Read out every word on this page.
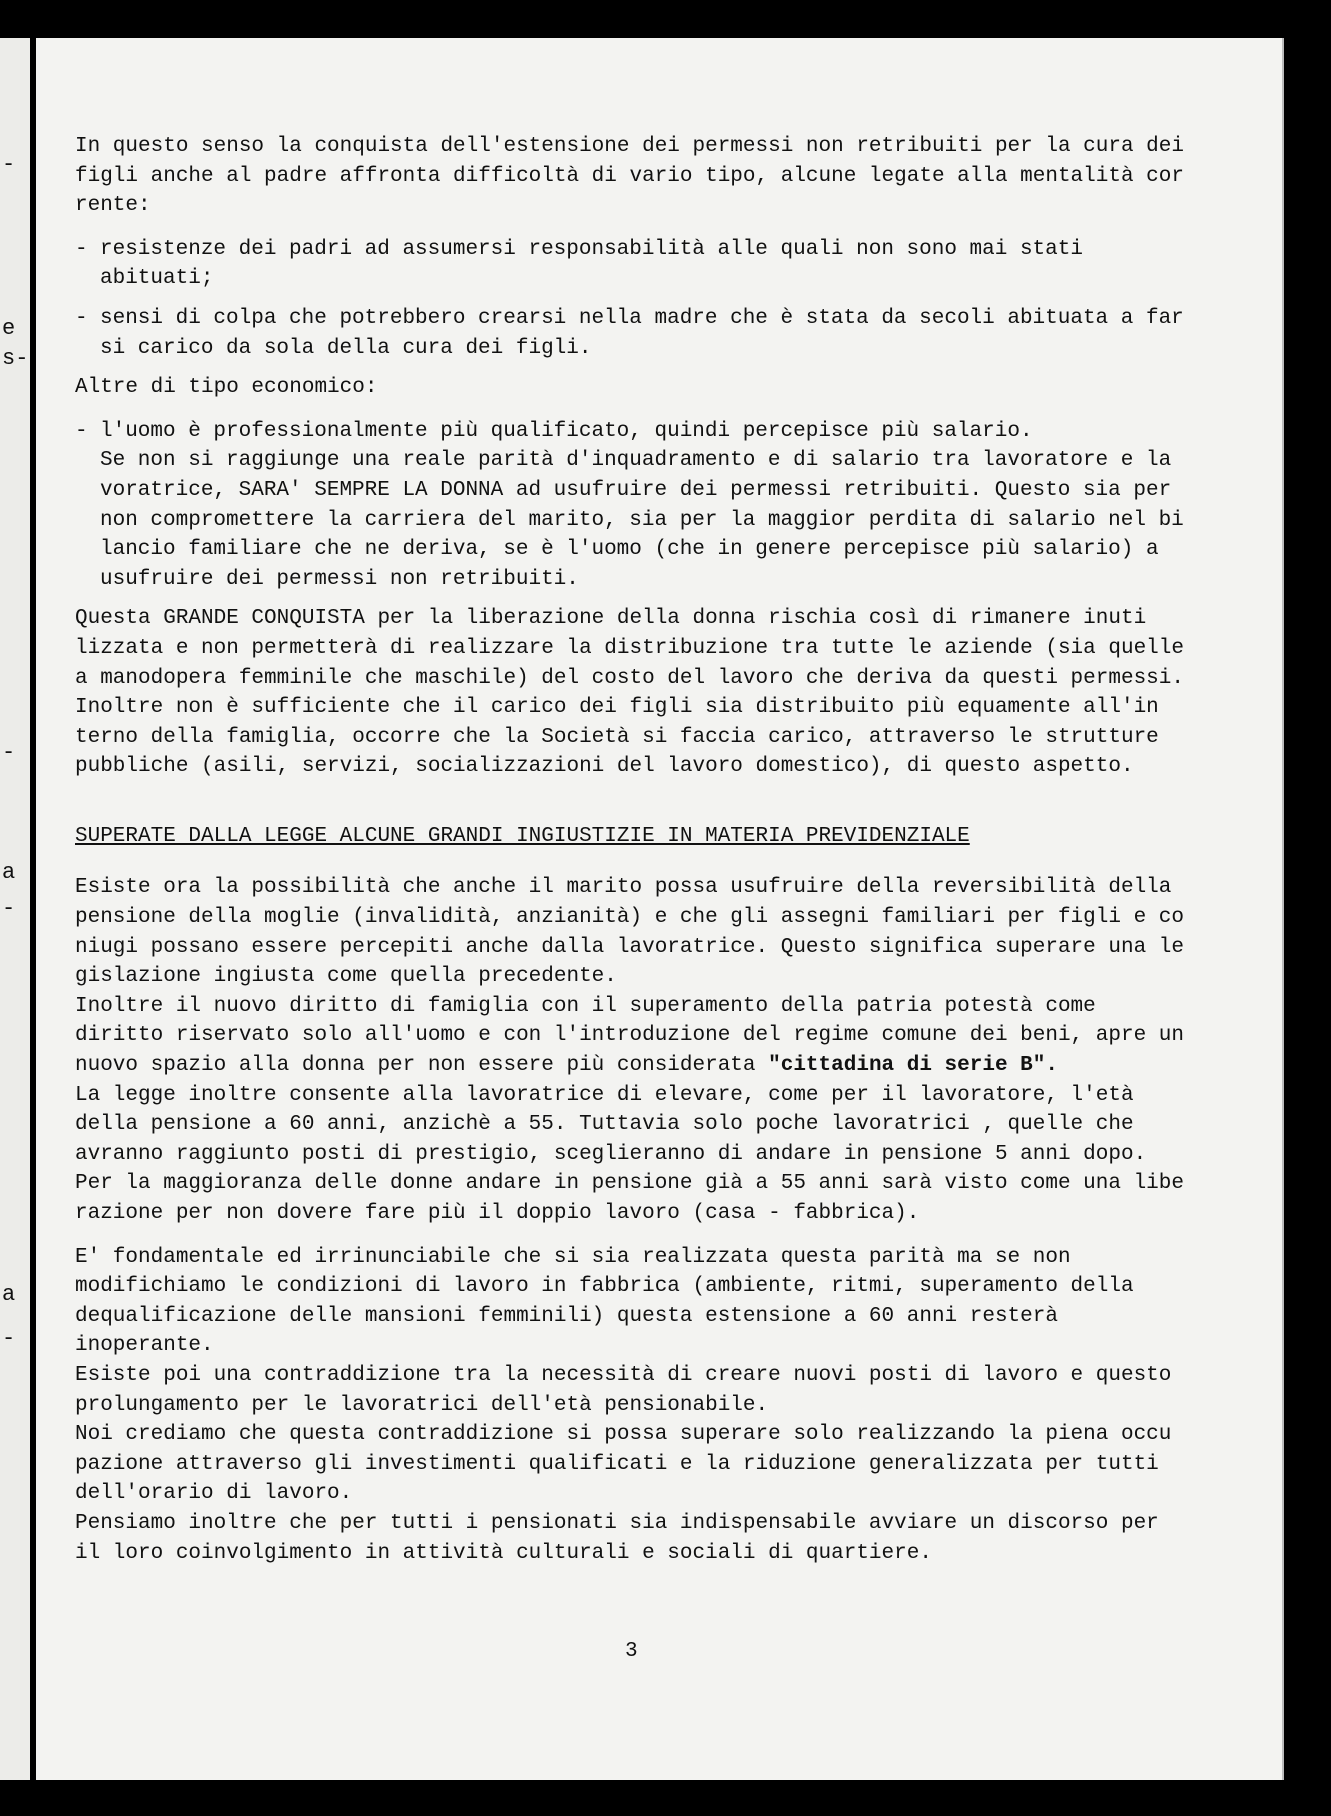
-
e
s-
-
a
-
a
-

In questo senso la conquista dell'estensione dei permessi non retribuiti per la cura dei figli anche al padre affronta difficoltà di vario tipo, alcune legate alla mentalità cor rente:

- resistenze dei padri ad assumersi responsabilità alle quali non sono mai stati abituati;
- sensi di colpa che potrebbero crearsi nella madre che è stata da secoli abituata a far si carico da sola della cura dei figli.

Altre di tipo economico:

- l'uomo è professionalmente più qualificato, quindi percepisce più salario.
Se non si raggiunge una reale parità d'inquadramento e di salario tra lavoratore e la voratrice, SARA' SEMPRE LA DONNA ad usufruire dei permessi retribuiti. Questo sia per non compromettere la carriera del marito, sia per la maggior perdita di salario nel bi lancio familiare che ne deriva, se è l'uomo (che in genere percepisce più salario) a usufruire dei permessi non retribuiti.

Questa GRANDE CONQUISTA per la liberazione della donna rischia così di rimanere inuti lizzata e non permetterà di realizzare la distribuzione tra tutte le aziende (sia quelle a manodopera femminile che maschile) del costo del lavoro che deriva da questi permessi. Inoltre non è sufficiente che il carico dei figli sia distribuito più equamente all'in terno della famiglia, occorre che la Società si faccia carico, attraverso le strutture pubbliche (asili, servizi, socializzazioni del lavoro domestico), di questo aspetto.

SUPERATE DALLA LEGGE ALCUNE GRANDI INGIUSTIZIE IN MATERIA PREVIDENZIALE

Esiste ora la possibilità che anche il marito possa usufruire della reversibilità della pensione della moglie (invalidità, anzianità) e che gli assegni familiari per figli e co niugi possano essere percepiti anche dalla lavoratrice. Questo significa superare una le gislazione ingiusta come quella precedente.

Inoltre il nuovo diritto di famiglia con il superamento della patria potestà come diritto riservato solo all'uomo e con l'introduzione del regime comune dei beni, apre un nuovo spazio alla donna per non essere più considerata "cittadina di serie B".

La legge inoltre consente alla lavoratrice di elevare, come per il lavoratore, l'età della pensione a 60 anni, anzichè a 55. Tuttavia solo poche lavoratrici , quelle che avranno raggiunto posti di prestigio, sceglieranno di andare in pensione 5 anni dopo.

Per la maggioranza delle donne andare in pensione già a 55 anni sarà visto come una libe razione per non dovere fare più il doppio lavoro (casa - fabbrica).

E' fondamentale ed irrinunciabile che si sia realizzata questa parità ma se non modifichiamo le condizioni di lavoro in fabbrica (ambiente, ritmi, superamento della dequalificazione delle mansioni femminili) questa estensione a 60 anni resterà inoperante.

Esiste poi una contraddizione tra la necessità di creare nuovi posti di lavoro e questo prolungamento per le lavoratrici dell'età pensionabile.

Noi crediamo che questa contraddizione si possa superare solo realizzando la piena occu pazione attraverso gli investimenti qualificati e la riduzione generalizzata per tutti dell'orario di lavoro.

Pensiamo inoltre che per tutti i pensionati sia indispensabile avviare un discorso per il loro coinvolgimento in attività culturali e sociali di quartiere.

3
